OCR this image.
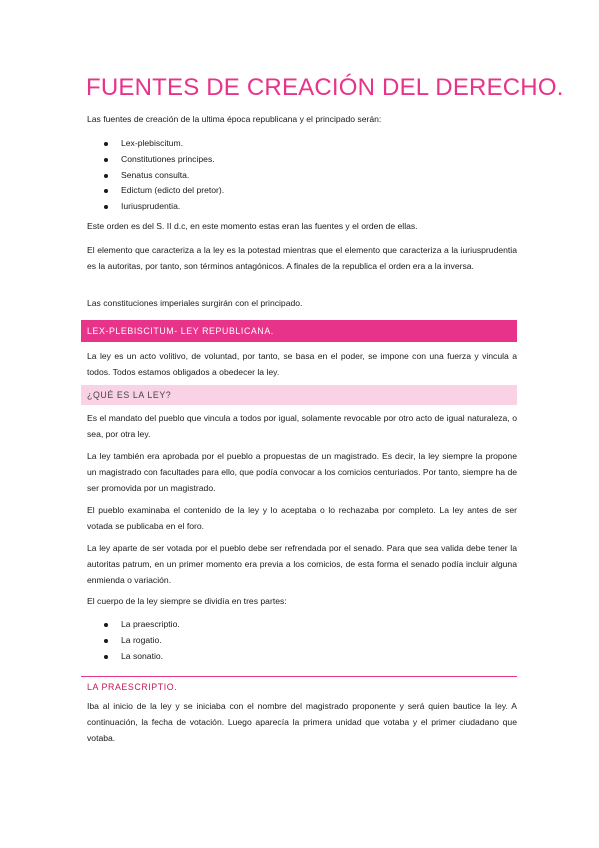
FUENTES DE CREACIÓN DEL DERECHO.

Las fuentes de creación de la ultima época republicana y el principado serán:

Lex-plebiscitum.
Constitutiones principes.
Senatus consulta.
Edictum (edicto del pretor).
Iuriusprudentia.

Este orden es del S. II d.c, en este momento estas eran las fuentes y el orden de ellas.

El elemento que caracteriza a la ley es la potestad mientras que el elemento que caracteriza a la iuriusprudentia es la autoritas, por tanto, son términos antagónicos. A finales de la republica el orden era a la inversa.

Las constituciones imperiales surgirán con el principado.

LEX-PLEBISCITUM- LEY REPUBLICANA.

La ley es un acto volitivo, de voluntad, por tanto, se basa en el poder, se impone con una fuerza y vincula a todos. Todos estamos obligados a obedecer la ley.

¿QUÉ ES LA LEY?

Es el mandato del pueblo que vincula a todos por igual, solamente revocable por otro acto de igual naturaleza, o sea, por otra ley.

La ley también era aprobada por el pueblo a propuestas de un magistrado. Es decir, la ley siempre la propone un magistrado con facultades para ello, que podía convocar a los comicios centuriados. Por tanto, siempre ha de ser promovida por un magistrado.

El pueblo examinaba el contenido de la ley y lo aceptaba o lo rechazaba por completo. La ley antes de ser votada se publicaba en el foro.

La ley aparte de ser votada por el pueblo debe ser refrendada por el senado. Para que sea valida debe tener la autoritas patrum, en un primer momento era previa a los comicios, de esta forma el senado podía incluir alguna enmienda o variación.

El cuerpo de la ley siempre se dividía en tres partes:

La praescriptio.
La rogatio.
La sonatio.
LA PRAESCRIPTIO.

Iba al inicio de la ley y se iniciaba con el nombre del magistrado proponente y será quien bautice la ley. A continuación, la fecha de votación. Luego aparecía la primera unidad que votaba y el primer ciudadano que votaba.
